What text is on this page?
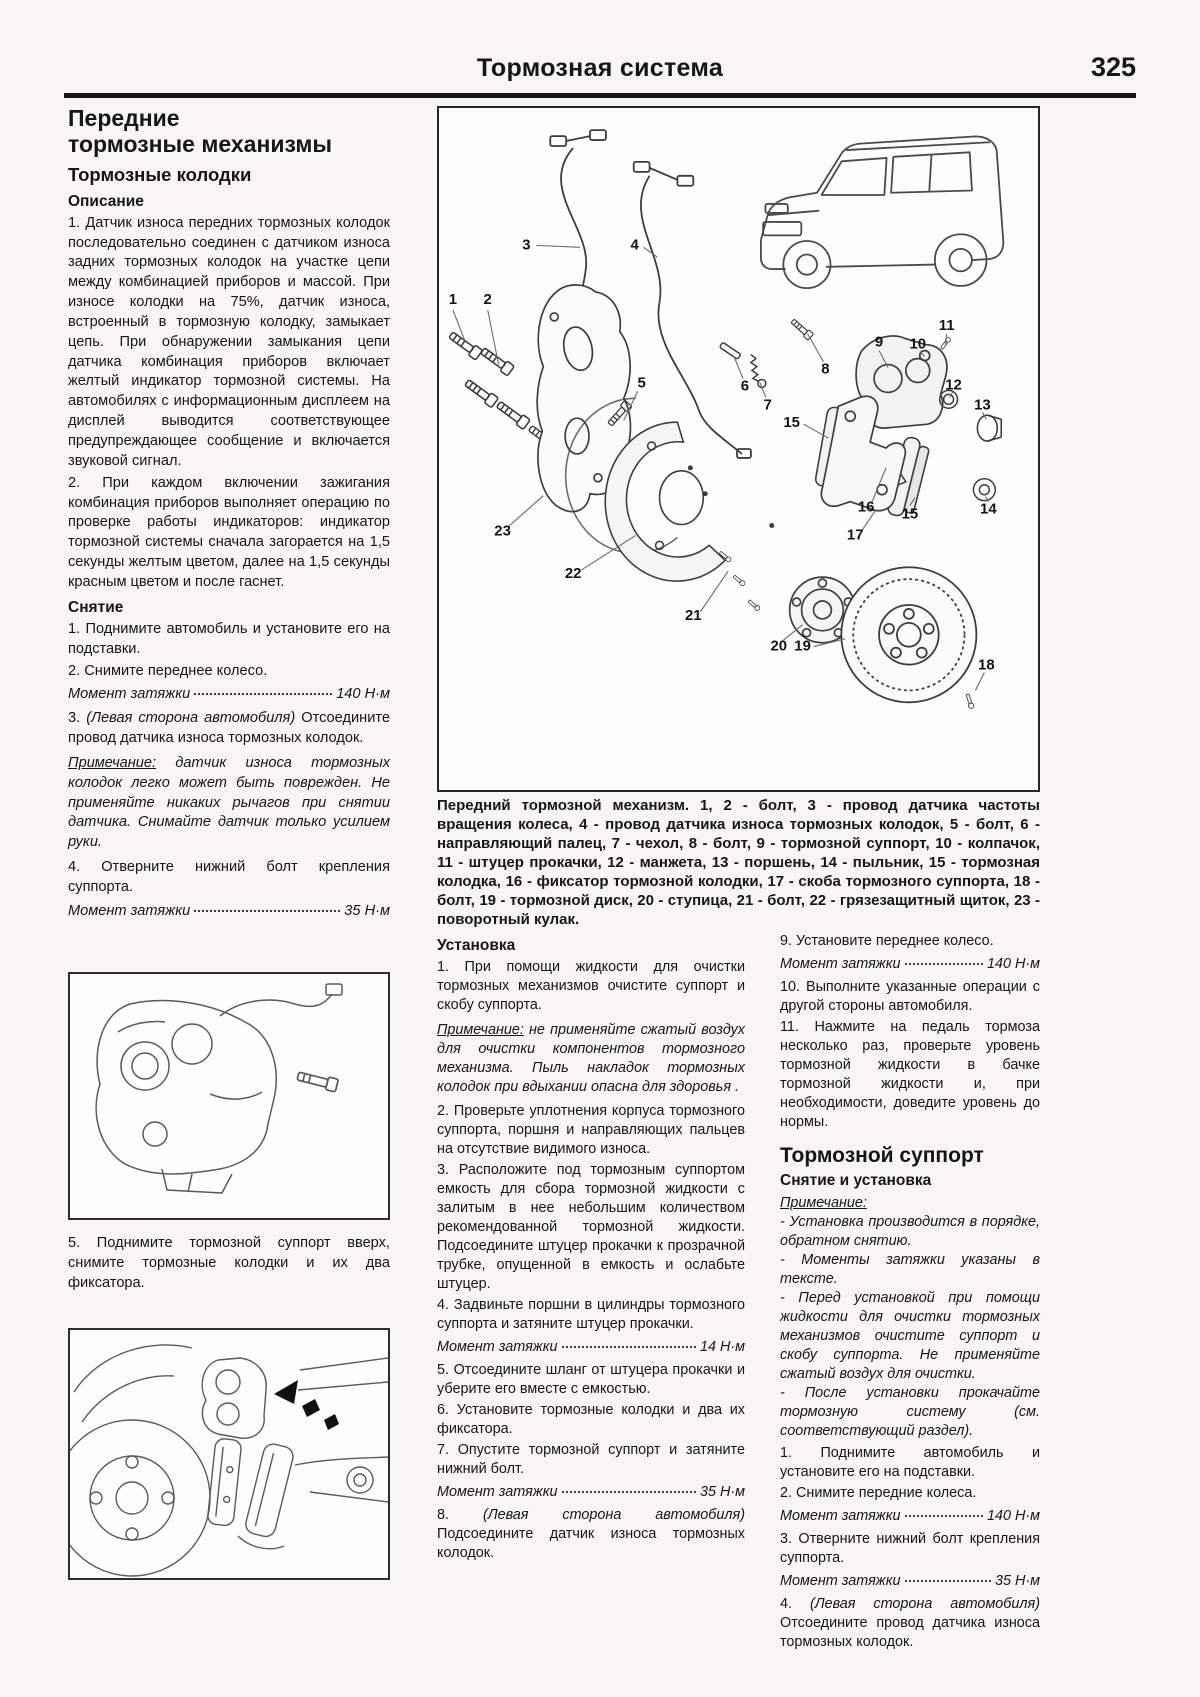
Тормозная система	325
Передние
тормозные механизмы
Тормозные колодки
Описание

1. Датчик износа передних тормозных колодок последовательно соединен с датчиком износа задних тормозных колодок на участке цепи между комбинацией приборов и массой. При износе колодки на 75%, датчик износа, встроенный в тормозную колодку, замыкает цепь. При обнаружении замыкания цепи датчика комбинация приборов включает желтый индикатор тормозной системы. На автомобилях с информационным дисплеем на дисплей выводится соответствующее предупреждающее сообщение и включается звуковой сигнал.

2. При каждом включении зажигания комбинация приборов выполняет операцию по проверке работы индикаторов: индикатор тормозной системы сначала загорается на 1,5 секунды желтым цветом, далее на 1,5 секунды красным цветом и после гаснет.

Снятие

1. Поднимите автомобиль и установите его на подставки.

2. Снимите переднее колесо.

Момент затяжки	140 Н·м

3. (Левая сторона автомобиля) Отсоедините провод датчика износа тормозных колодок.

Примечание: датчик износа тормозных колодок легко может быть поврежден. Не применяйте никаких рычагов при снятии датчика. Снимайте датчик только усилием руки.

4. Отверните нижний болт крепления суппорта.

Момент затяжки	35 Н·м
1 2
3	4
5	6
7
8
9 10
11
12
13
14
15
15
16
17
18
19
20
21
22
23
Передний тормозной механизм. 1, 2 - болт, 3 - провод датчика частоты вращения колеса, 4 - провод датчика износа тормозных колодок, 5 - болт, 6 - направляющий палец, 7 - чехол, 8 - болт, 9 - тормозной суппорт, 10 - колпачок, 11 - штуцер прокачки, 12 - манжета, 13 - поршень, 14 - пыльник, 15 - тормозная колодка, 16 - фиксатор тормозной колодки, 17 - скоба тормозного суппорта, 18 - болт, 19 - тормозной диск, 20 - ступица, 21 - болт, 22 - грязезащитный щиток, 23 - поворотный кулак.
Установка

1. При помощи жидкости для очистки тормозных механизмов очистите суппорт и скобу суппорта.

Примечание: не применяйте сжатый воздух для очистки компонентов тормозного механизма. Пыль накладок тормозных колодок при вдыхании опасна для здоровья .

2. Проверьте уплотнения корпуса тормозного суппорта, поршня и направляющих пальцев на отсутствие видимого износа.

3. Расположите под тормозным суппортом емкость для сбора тормозной жидкости с залитым в нее небольшим количеством рекомендованной тормозной жидкости. Подсоедините штуцер прокачки к прозрачной трубке, опущенной в емкость и ослабьте штуцер.

4. Задвиньте поршни в цилиндры тормозного суппорта и затяните штуцер прокачки.

Момент затяжки	14 Н·м

5. Отсоедините шланг от штуцера прокачки и уберите его вместе с емкостью.

6. Установите тормозные колодки и два их фиксатора.

7. Опустите тормозной суппорт и затяните нижний болт.

Момент затяжки	35 Н·м

8. (Левая сторона автомобиля) Подсоедините датчик износа тормозных колодок.

9. Установите переднее колесо.

Момент затяжки	140 Н·м

10. Выполните указанные операции с другой стороны автомобиля.

11. Нажмите на педаль тормоза несколько раз, проверьте уровень тормозной жидкости в бачке тормозной жидкости и, при необходимости, доведите уровень до нормы.

Тормозной суппорт
Снятие и установка

Примечание:

- Установка производится в порядке, обратном снятию.

- Моменты затяжки указаны в тексте.

- Перед установкой при помощи жидкости для очистки тормозных механизмов очистите суппорт и скобу суппорта. Не применяйте сжатый воздух для очистки.

- После установки прокачайте тормозную систему (см. соответствующий раздел).

1. Поднимите автомобиль и установите его на подставки.

2. Снимите передние колеса.

Момент затяжки	140 Н·м

3. Отверните нижний болт крепления суппорта.

Момент затяжки	35 Н·м

4. (Левая сторона автомобиля) Отсоедините провод датчика износа тормозных колодок.

5. Поднимите тормозной суппорт вверх, снимите тормозные колодки и их два фиксатора.
